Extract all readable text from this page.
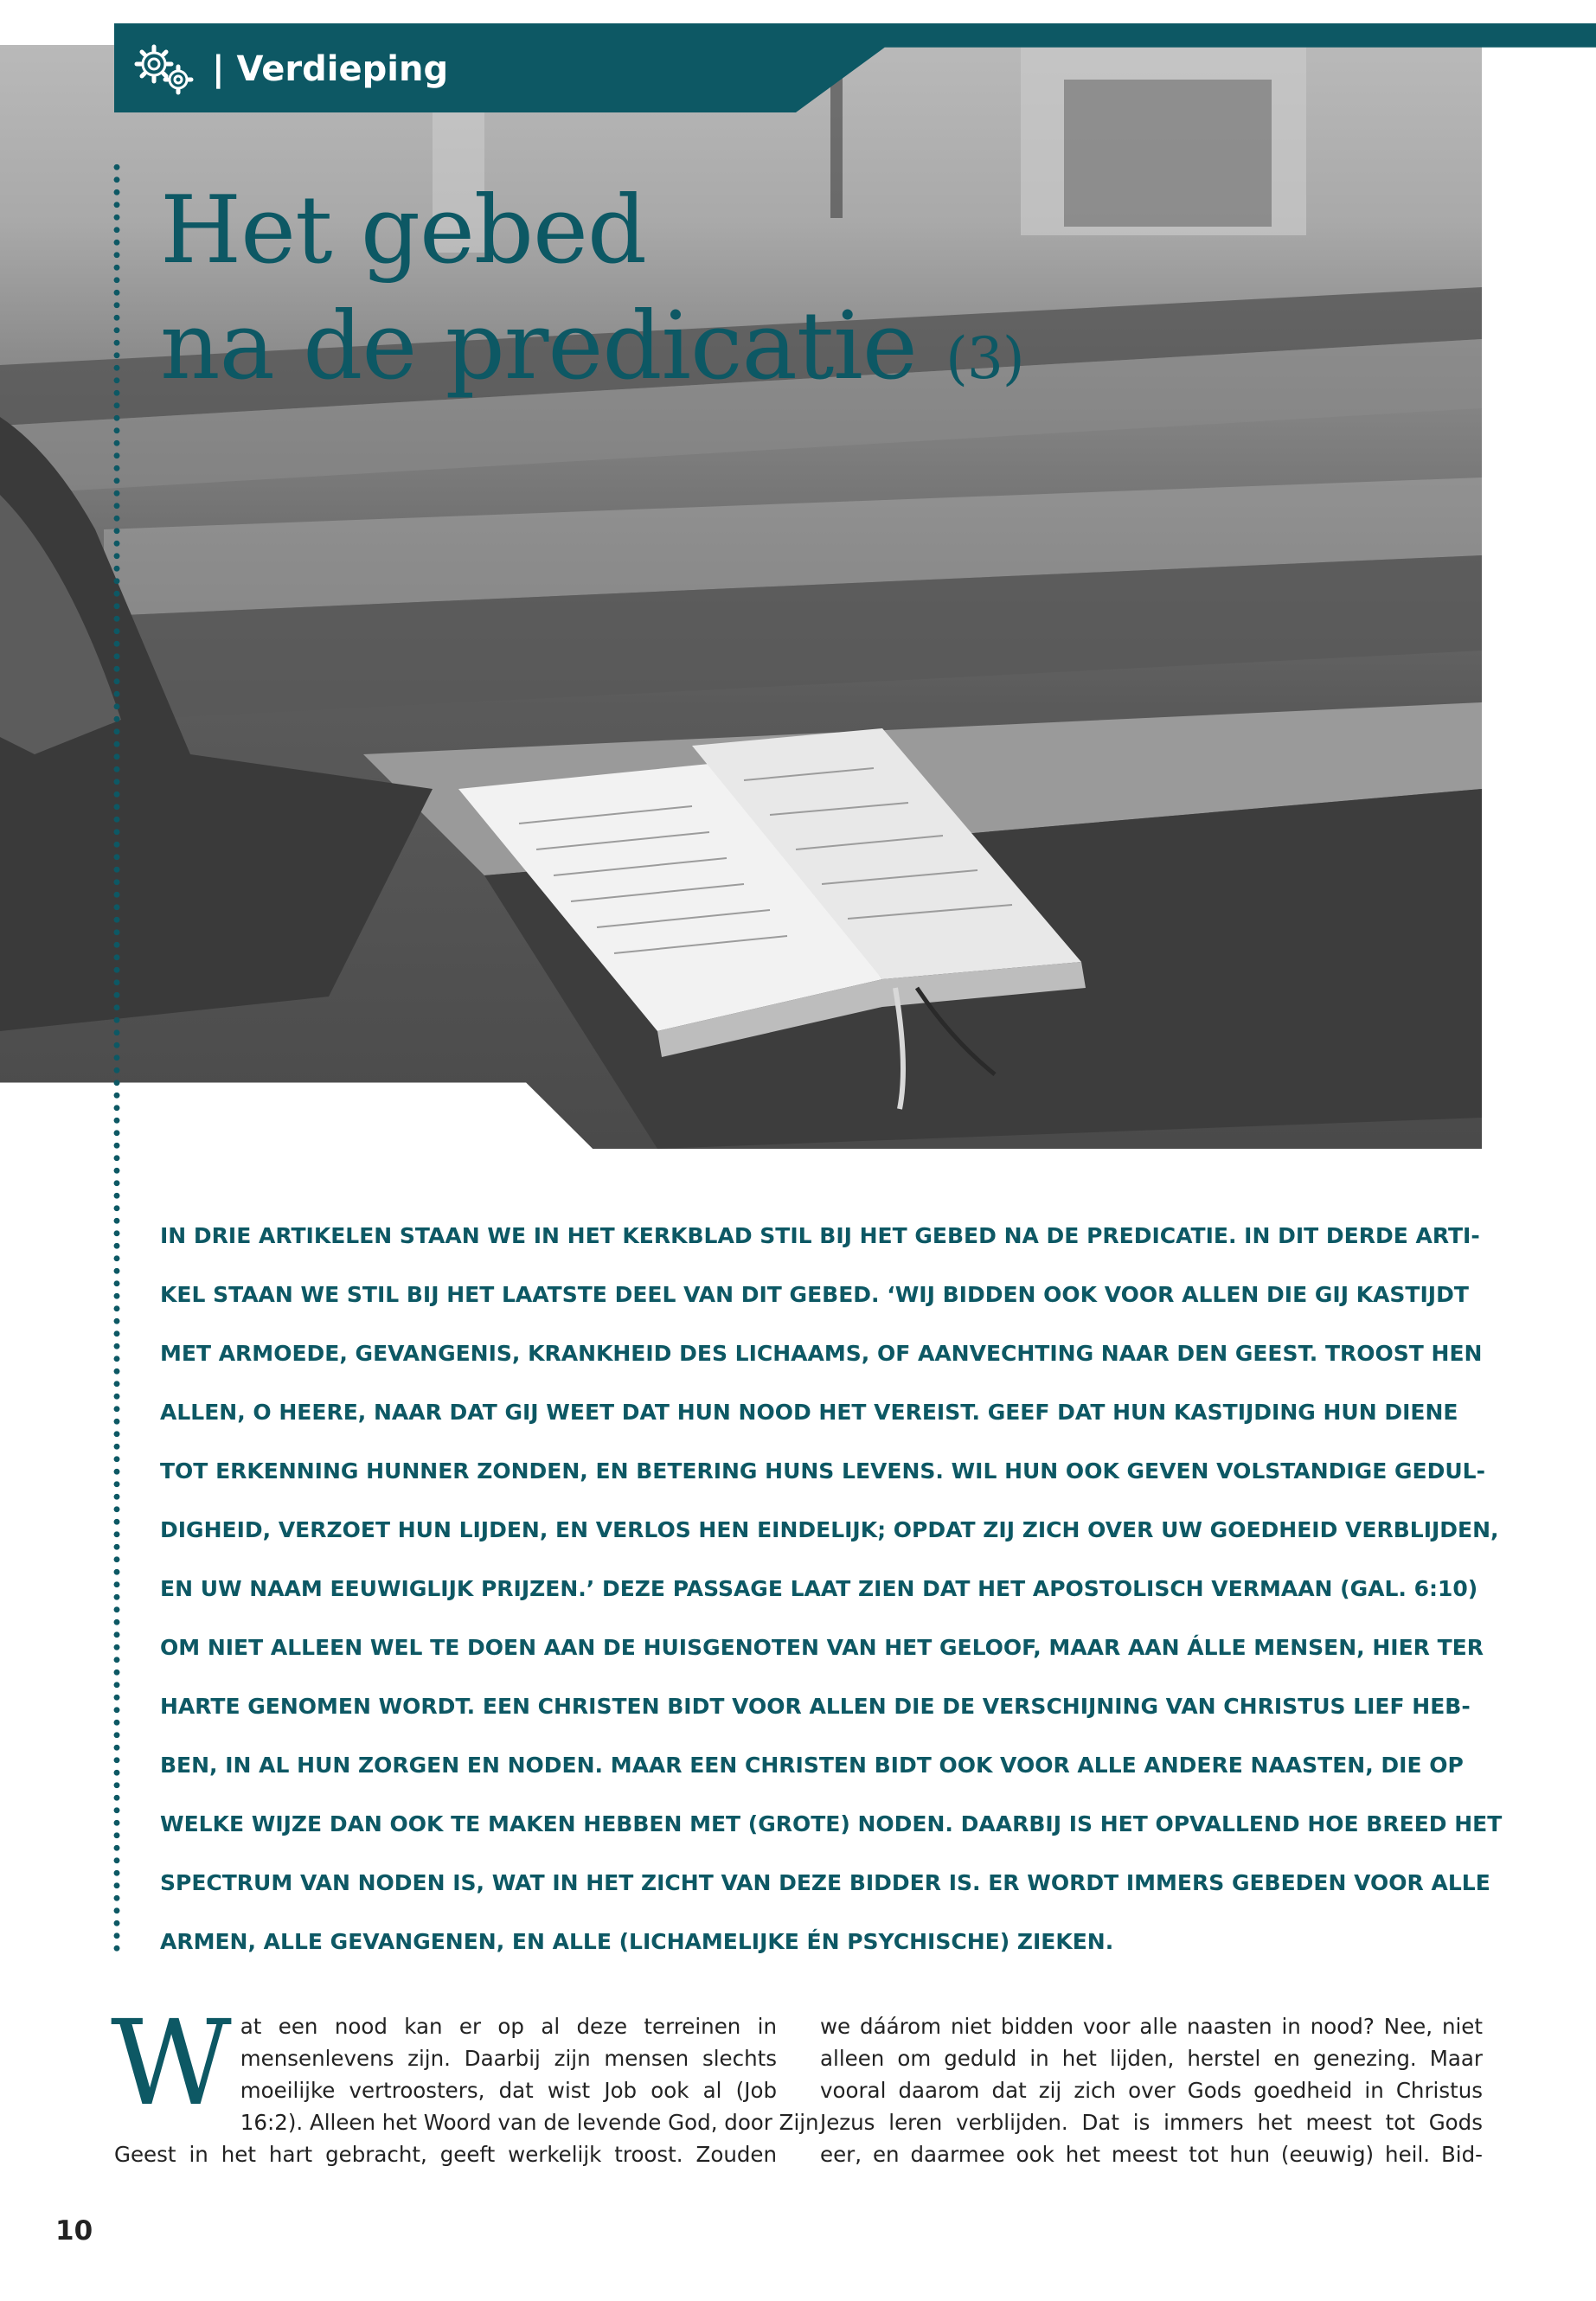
| Verdieping
Het gebed
na de predicatie (3)

IN DRIE ARTIKELEN STAAN WE IN HET KERKBLAD STIL BIJ HET GEBED NA DE PREDICATIE. IN DIT DERDE ARTI-
KEL STAAN WE STIL BIJ HET LAATSTE DEEL VAN DIT GEBED. ‘WIJ BIDDEN OOK VOOR ALLEN DIE GIJ KASTIJDT
MET ARMOEDE, GEVANGENIS, KRANKHEID DES LICHAAMS, OF AANVECHTING NAAR DEN GEEST. TROOST HEN
ALLEN, O HEERE, NAAR DAT GIJ WEET DAT HUN NOOD HET VEREIST. GEEF DAT HUN KASTIJDING HUN DIENE
TOT ERKENNING HUNNER ZONDEN, EN BETERING HUNS LEVENS. WIL HUN OOK GEVEN VOLSTANDIGE GEDUL-
DIGHEID, VERZOET HUN LIJDEN, EN VERLOS HEN EINDELIJK; OPDAT ZIJ ZICH OVER UW GOEDHEID VERBLIJDEN,
EN UW NAAM EEUWIGLIJK PRIJZEN.’ DEZE PASSAGE LAAT ZIEN DAT HET APOSTOLISCH VERMAAN (GAL. 6:10)
OM NIET ALLEEN WEL TE DOEN AAN DE HUISGENOTEN VAN HET GELOOF, MAAR AAN ÁLLE MENSEN, HIER TER
HARTE GENOMEN WORDT. EEN CHRISTEN BIDT VOOR ALLEN DIE DE VERSCHIJNING VAN CHRISTUS LIEF HEB-
BEN, IN AL HUN ZORGEN EN NODEN. MAAR EEN CHRISTEN BIDT OOK VOOR ALLE ANDERE NAASTEN, DIE OP
WELKE WIJZE DAN OOK TE MAKEN HEBBEN MET (GROTE) NODEN. DAARBIJ IS HET OPVALLEND HOE BREED HET
SPECTRUM VAN NODEN IS, WAT IN HET ZICHT VAN DEZE BIDDER IS. ER WORDT IMMERS GEBEDEN VOOR ALLE
ARMEN, ALLE GEVANGENEN, EN ALLE (LICHAMELIJKE ÉN PSYCHISCHE) ZIEKEN.

W at een nood kan er op al deze terreinen in
mensenlevens zijn. Daarbij zijn mensen slechts
moeilijke vertroosters, dat wist Job ook al (Job
16:2). Alleen het Woord van de levende God, door Zijn
Geest in het hart gebracht, geeft werkelijk troost. Zouden
we dáárom niet bidden voor alle naasten in nood? Nee, niet
alleen om geduld in het lijden, herstel en genezing. Maar
vooral daarom dat zij zich over Gods goedheid in Christus
Jezus leren verblijden. Dat is immers het meest tot Gods
eer, en daarmee ook het meest tot hun (eeuwig) heil. Bid-
10
